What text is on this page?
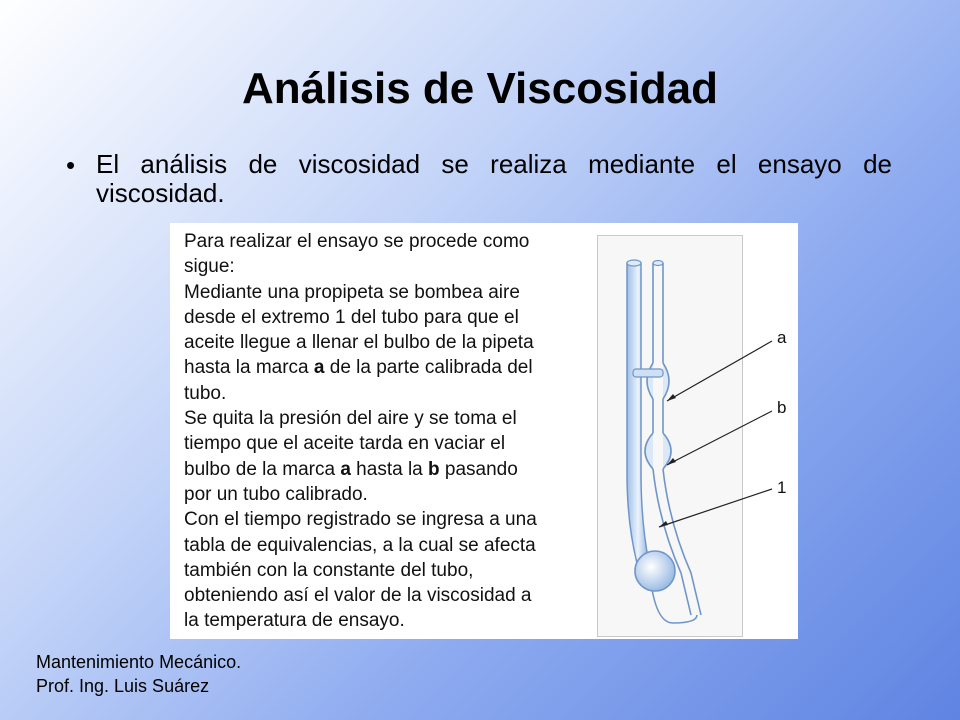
Análisis de Viscosidad
• El análisis de viscosidad se realiza mediante el ensayo de viscosidad.

Para realizar el ensayo se procede como
sigue:
Mediante una propipeta se bombea aire
desde el extremo 1 del tubo para que el
aceite llegue a llenar el bulbo de la pipeta
hasta la marca a de la parte calibrada del
tubo.
Se quita la presión del aire y se toma el
tiempo que el aceite tarda en vaciar el
bulbo de la marca a hasta la b pasando
por un tubo calibrado.
Con el tiempo registrado se ingresa a una
tabla de equivalencias, a la cual se afecta
también con la constante del tubo,
obteniendo así el valor de la viscosidad a
la temperatura de ensayo.
a
b
1
Mantenimiento Mecánico.
Prof. Ing. Luis Suárez
